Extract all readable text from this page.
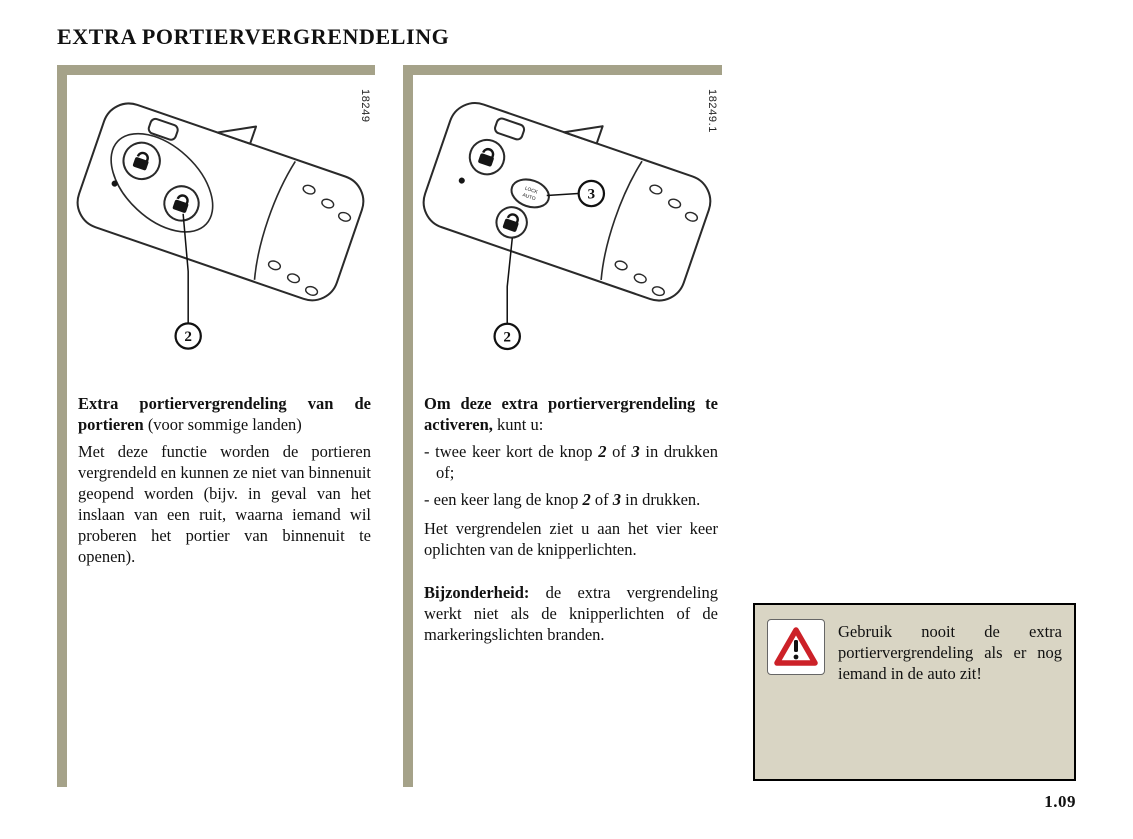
EXTRA PORTIERVERGRENDELING
2
18249

Extra portiervergrendeling van de portieren (voor sommige landen)

Met deze functie worden de portieren vergrendeld en kunnen ze niet van binnenuit geopend worden (bijv. in geval van het inslaan van een ruit, waarna iemand wil proberen het portier van binnenuit te openen).

LOCK
AUTO	3
2
18249.1

Om deze extra portiervergrendeling te activeren, kunt u:

- twee keer kort de knop 2 of 3 in drukken of;

- een keer lang de knop 2 of 3 in drukken.

Het vergrendelen ziet u aan het vier keer oplichten van de knipperlichten.

Bijzonderheid: de extra vergrendeling werkt niet als de knipperlichten of de markeringslichten branden.	Gebruik nooit de extra portiervergrendeling als er nog iemand in de auto zit!
1.09
